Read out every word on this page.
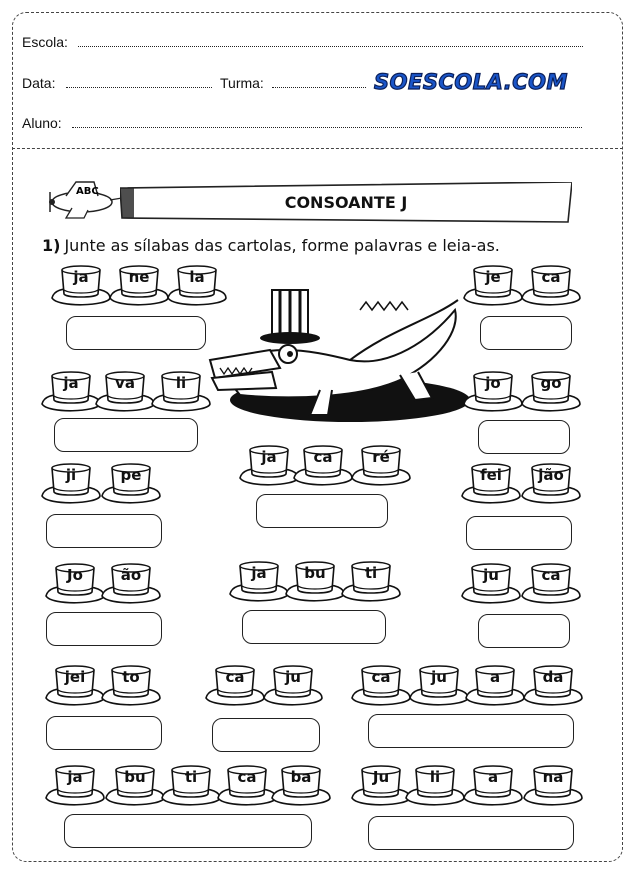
Escola:
Data:	Turma:	SOESCOLA.COM
Aluno:
ABC
CONSOANTE J
1) Junte as sílabas das cartolas, forme palavras e leia-as.
ja	ne	la	je	ca
ja	va	li	jo	go
ja	ca	ré
ji	pe	fei	jão
Jo	ão	ja	bu	ti	ju	ca
jei	to	ca	ju	ca	ju	a	da
ja	bu	ti	ca	ba	Ju	li	a	na
